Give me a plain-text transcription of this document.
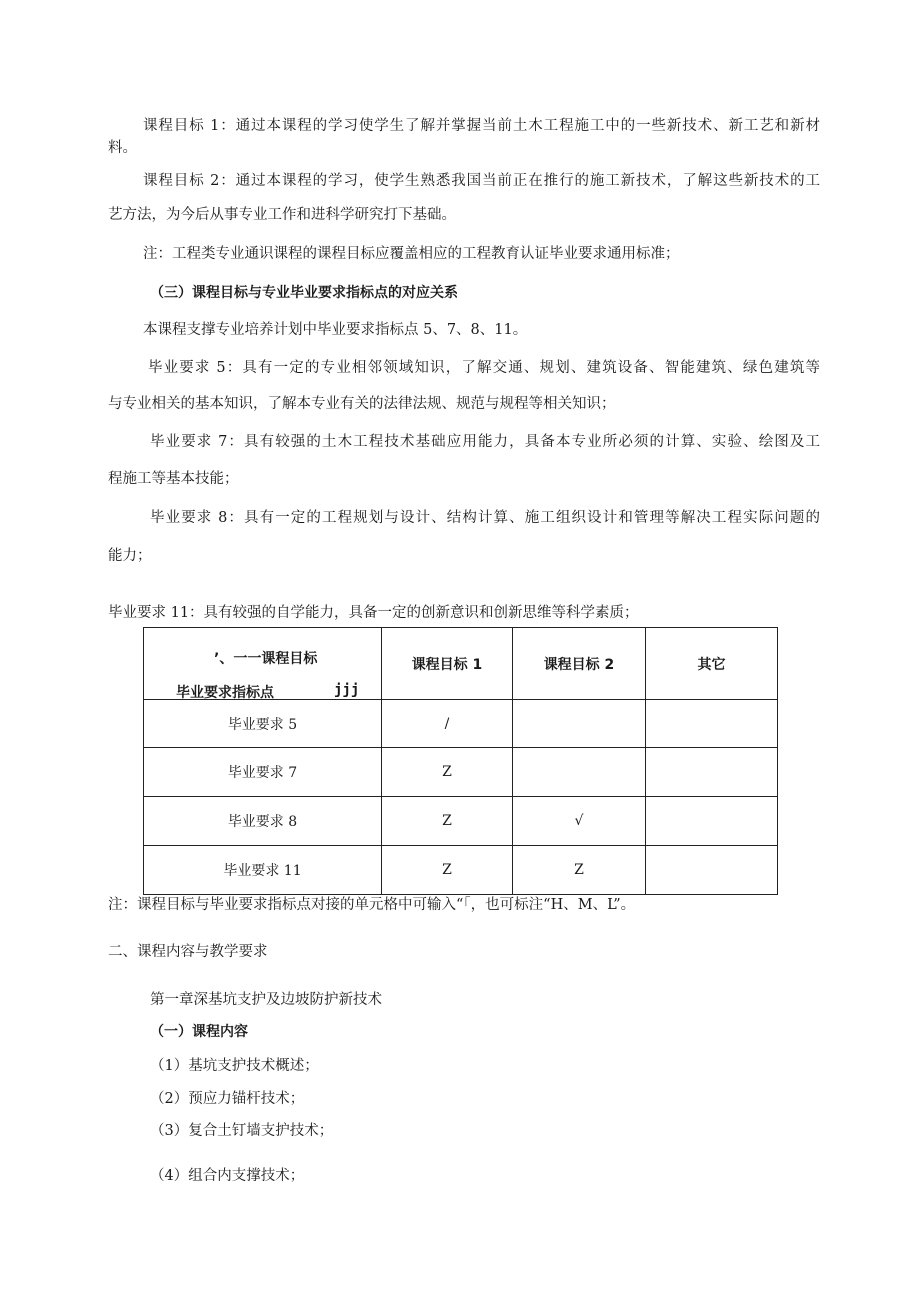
课程目标 1：通过本课程的学习使学生了解并掌握当前土木工程施工中的一些新技术、新工艺和新材
料。
课程目标 2：通过本课程的学习，使学生熟悉我国当前正在推行的施工新技术，了解这些新技术的工
艺方法，为今后从事专业工作和进科学研究打下基础。
注：工程类专业通识课程的课程目标应覆盖相应的工程教育认证毕业要求通用标准；
（三）课程目标与专业毕业要求指标点的对应关系
本课程支撑专业培养计划中毕业要求指标点 5、7、8、11。
毕业要求 5：具有一定的专业相邻领域知识，了解交通、规划、建筑设备、智能建筑、绿色建筑等
与专业相关的基本知识，了解本专业有关的法律法规、规范与规程等相关知识；
毕业要求 7：具有较强的土木工程技术基础应用能力，具备本专业所必须的计算、实验、绘图及工
程施工等基本技能；
毕业要求 8：具有一定的工程规划与设计、结构计算、施工组织设计和管理等解决工程实际问题的
能力；
毕业要求 11：具有较强的自学能力，具备一定的创新意识和创新思维等科学素质；
’、一一课程目标
毕业要求指标点 jjj	课程目标 1	课程目标 2	其它
毕业要求 5	/		
毕业要求 7	Z		
毕业要求 8	Z	√	
毕业要求 11	Z	Z	
注：课程目标与毕业要求指标点对接的单元格中可输入“「，也可标注“H、M、L”。
二、课程内容与教学要求
第一章深基坑支护及边坡防护新技术
（一）课程内容
（1）基坑支护技术概述；
（2）预应力锚杆技术；
（3）复合土钉墙支护技术；
（4）组合内支撑技术；
